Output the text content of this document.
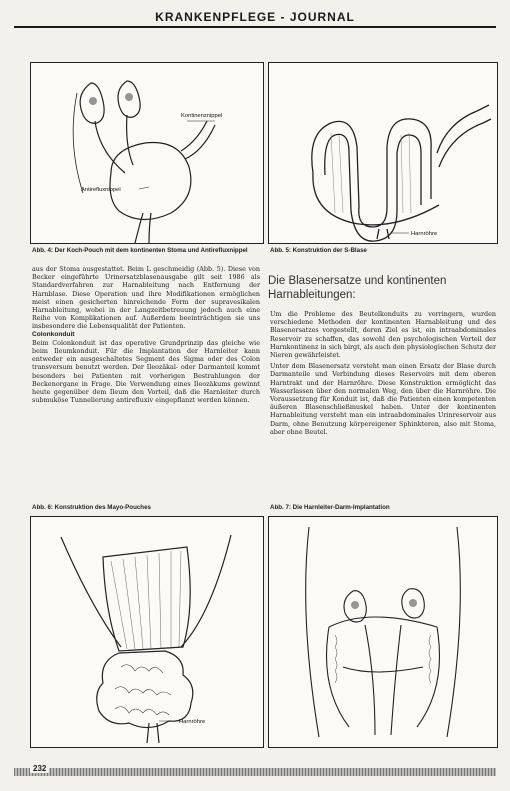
KRANKENPFLEGE - JOURNAL
Kontinenznippel
Antirefluxnippel
Abb. 4: Der Koch-Pouch mit dem kontinenten Stoma und Antirefluxnippel
Harnröhre
Abb. 5: Konstruktion der S-Blase

aus der Stoma ausgestattet. Beim L geschmeidig (Abb. 5). Diese von Becker eingeführte Urinersatzblasenausgabe gilt seit 1986 als Standardverfahren zur Harnableitung nach Entfernung der Harnblase. Diese Operation und ihre Modifikationen ermöglichen meist einen gesicherten hinreichende Form der supravesikalen Harnableitung, wobei in der Langzeitbetreuung jedoch auch eine Reihe von Komplikationen auf. Außerdem beeinträchtigen sie uns insbesondere die Lebensqualität der Patienten.

Colonkonduit

Beim Colonkonduit ist das operative Grundprinzip das gleiche wie beim Ileumkonduit. Für die Implantation der Harnleiter kann entweder ein ausgeschaltetes Segment des Sigma oder des Colon transversum benutzt werden. Der Ileozäkal- oder Darmanteil kommt besonders bei Patienten mit vorherigen Bestrahlungen der Beckenorgane in Frage. Die Verwendung eines Ileozäkums gewinnt heute gegenüber dem Ileum den Vorteil, daß die Harnleiter durch submuköse Tunnelierung antirefluxiv eingepflanzt werden können.

Die Blasenersatze und kontinenten Harnableitungen:

Um die Probleme des Beutelkonduits zu verringern, wurden verschiedene Methoden der kontinenten Harnableitung und des Blasenersatzes vorgestellt, deren Ziel es ist, ein intraabdominales Reservoir zu schaffen, das sowohl den psychologischen Vorteil der Harnkontinenz in sich birgt, als auch den physiologischen Schutz der Nieren gewährleistet.

Unter dem Blasenersatz versteht man einen Ersatz der Blase durch Darmanteile und Verbindung dieses Reservoirs mit dem oberen Harntrakt und der Harnröhre. Diese Konstruktion ermöglicht das Wasserlassen über den normalen Weg, den über die Harnröhre. Die Voraussetzung für Konduit ist, daß die Patienten einen kompetenten äußeren Blasenschließmuskel haben. Unter der kontinenten Harnableitung versteht man ein intraabdominales Urinreservoir aus Darm, ohne Benutzung körpereigener Sphinkteren, also mit Stoma, aber ohne Beutel.

Abb. 6: Konstruktion des Mayo-Pouches	Abb. 7: Die Harnleiter-Darm-Implantation
Harnröhre
232
